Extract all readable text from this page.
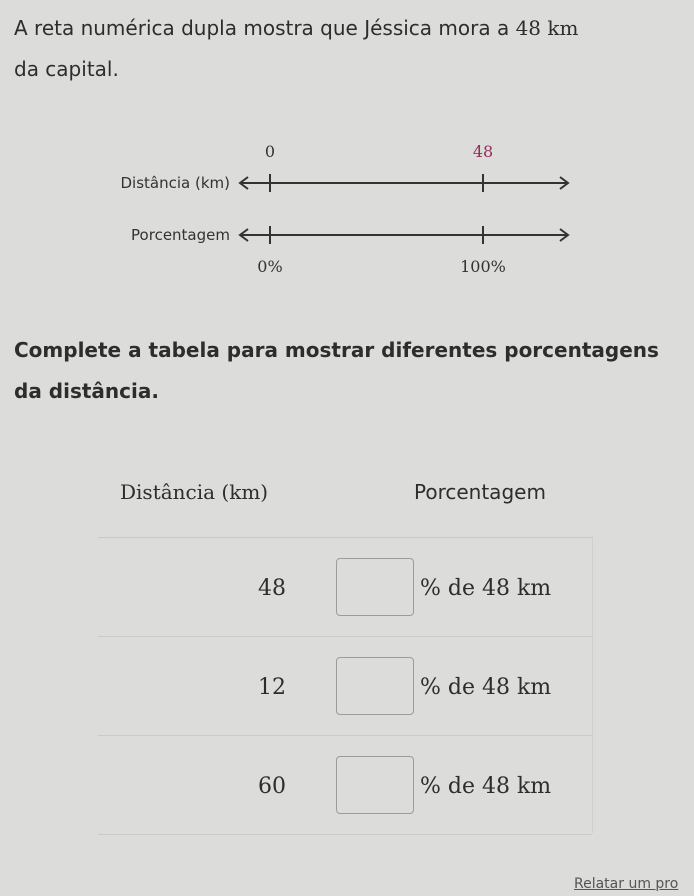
A reta numérica dupla mostra que Jéssica mora a 48 km
da capital.
0	48
Distância (km)
Porcentagem
0%	100%
Complete a tabela para mostrar diferentes porcentagens
da distância.
Distância (km)	Porcentagem
48	% de 48 km
12	% de 48 km
60	% de 48 km
Relatar um pro
